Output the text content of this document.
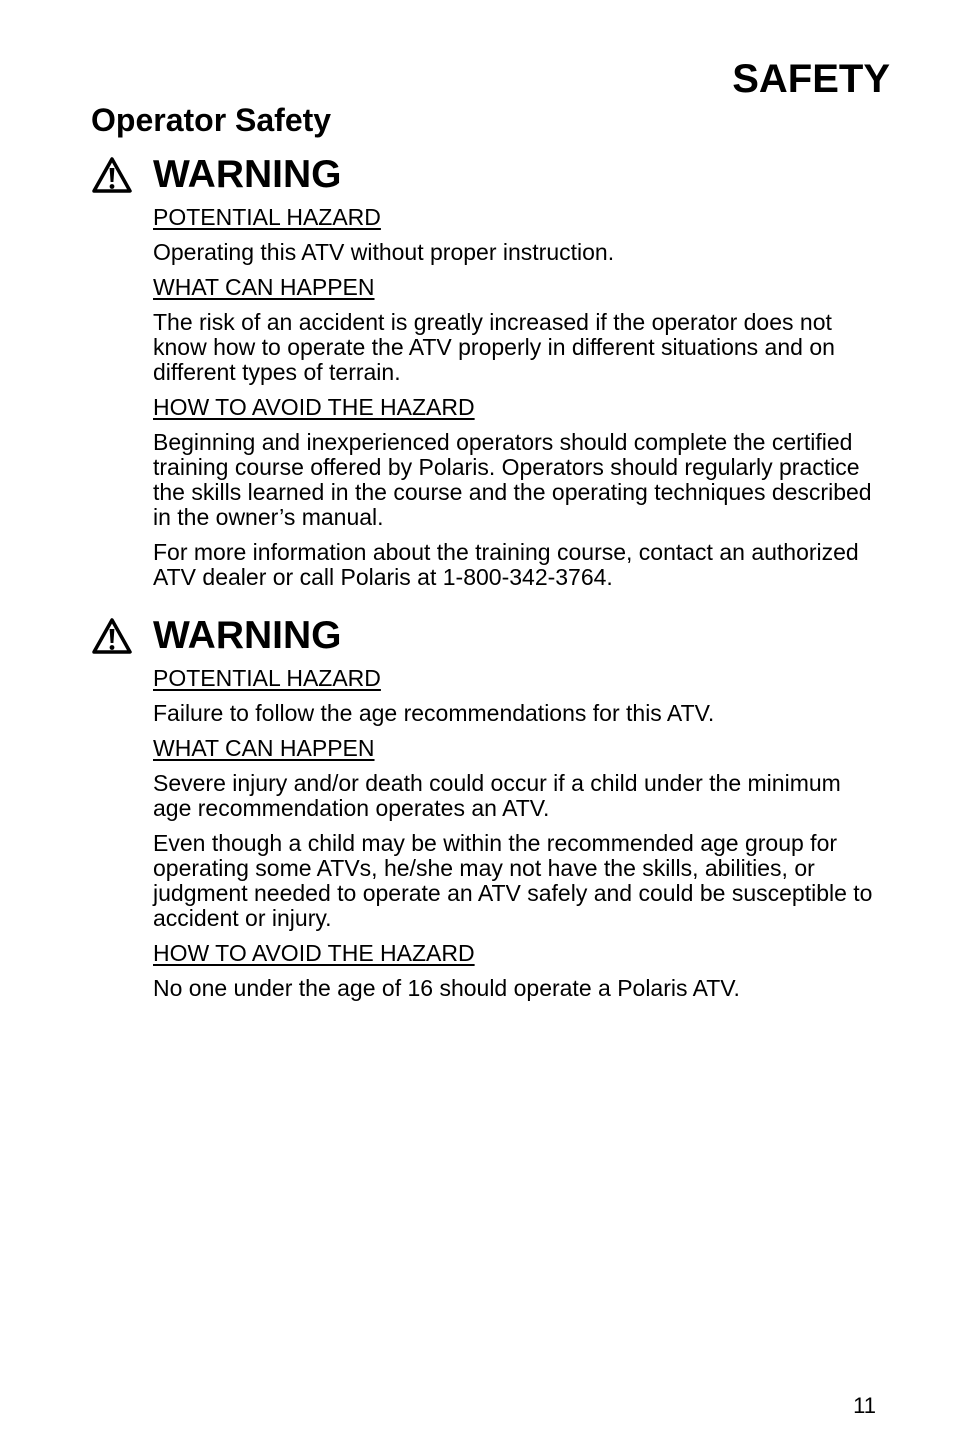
SAFETY
Operator Safety
WARNING

POTENTIAL HAZARD

Operating this ATV without proper instruction.

WHAT CAN HAPPEN

The risk of an accident is greatly increased if the operator does not know how to operate the ATV properly in different situations and on different types of terrain.

HOW TO AVOID THE HAZARD

Beginning and inexperienced operators should complete the certified training course offered by Polaris. Operators should regularly practice the skills learned in the course and the operating techniques described in the owner’s manual.

For more information about the training course, contact an authorized ATV dealer or call Polaris at 1-800-342-3764.

WARNING

POTENTIAL HAZARD

Failure to follow the age recommendations for this ATV.

WHAT CAN HAPPEN

Severe injury and/or death could occur if a child under the minimum age recommendation operates an ATV.

Even though a child may be within the recommended age group for operating some ATVs, he/she may not have the skills, abilities, or judgment needed to operate an ATV safely and could be susceptible to accident or injury.

HOW TO AVOID THE HAZARD

No one under the age of 16 should operate a Polaris ATV.

11
